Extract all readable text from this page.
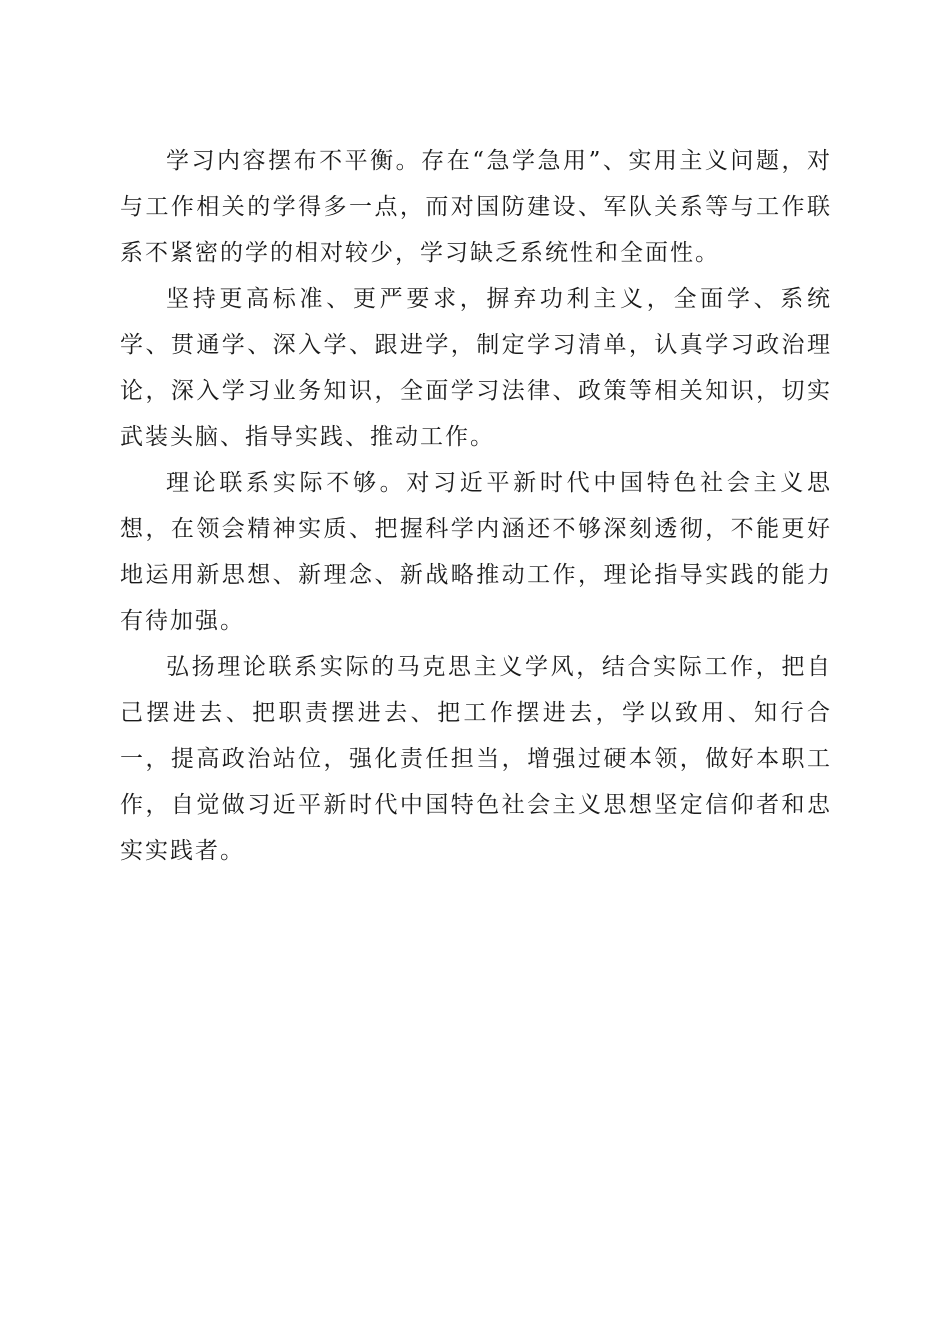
学习内容摆布不平衡。存在“急学急用”、实用主义问题，对与工作相关的学得多一点，而对国防建设、军队关系等与工作联系不紧密的学的相对较少，学习缺乏系统性和全面性。

坚持更高标准、更严要求，摒弃功利主义，全面学、系统学、贯通学、深入学、跟进学，制定学习清单，认真学习政治理论，深入学习业务知识，全面学习法律、政策等相关知识，切实武装头脑、指导实践、推动工作。

理论联系实际不够。对习近平新时代中国特色社会主义思想，在领会精神实质、把握科学内涵还不够深刻透彻，不能更好地运用新思想、新理念、新战略推动工作，理论指导实践的能力有待加强。

弘扬理论联系实际的马克思主义学风，结合实际工作，把自己摆进去、把职责摆进去、把工作摆进去，学以致用、知行合一，提高政治站位，强化责任担当，增强过硬本领，做好本职工作，自觉做习近平新时代中国特色社会主义思想坚定信仰者和忠实实践者。
